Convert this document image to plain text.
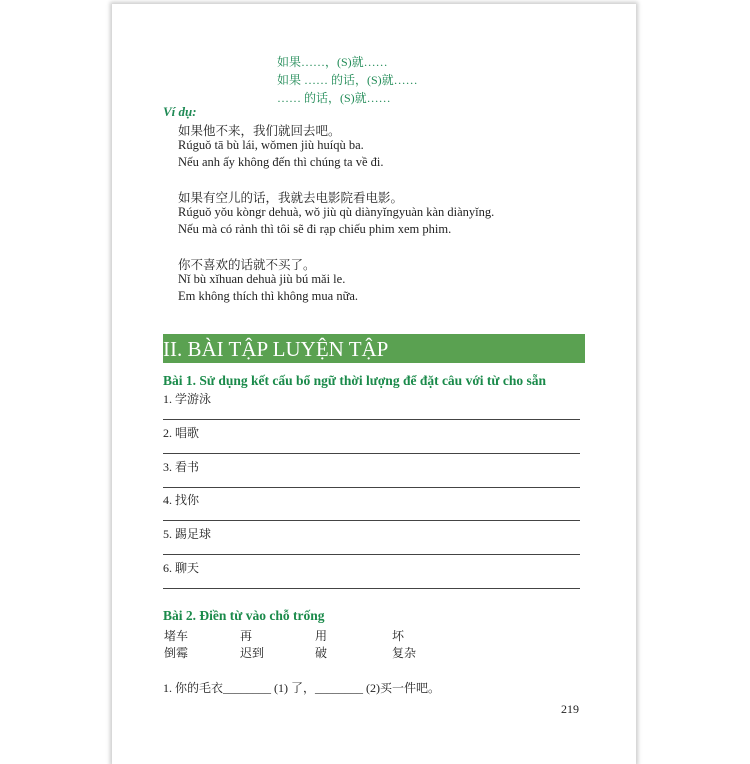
如果……，(S)就……
如果 …… 的话，(S)就……
…… 的话，(S)就……
Ví dụ:
如果他不来，我们就回去吧。
Rúguǒ tā bù lái, wǒmen jiù huíqù ba.
Nếu anh ấy không đến thì chúng ta về đi.
如果有空儿的话，我就去电影院看电影。
Rúguǒ yǒu kòngr dehuà, wǒ jiù qù diànyǐngyuàn kàn diànyǐng.
Nếu mà có rảnh thì tôi sẽ đi rạp chiếu phim xem phim.
你不喜欢的话就不买了。
Nǐ bù xǐhuan dehuà jiù bú mǎi le.
Em không thích thì không mua nữa.
II. BÀI TẬP LUYỆN TẬP
Bài 1. Sử dụng kết cấu bổ ngữ thời lượng để đặt câu với từ cho sẵn
1. 学游泳
2. 唱歌
3. 看书
4. 找你
5. 踢足球
6. 聊天
Bài 2. Điền từ vào chỗ trống
堵车	再	用	坏
倒霉	迟到	破	复杂
1. 你的毛衣________ (1) 了，________ (2)买一件吧。
219
